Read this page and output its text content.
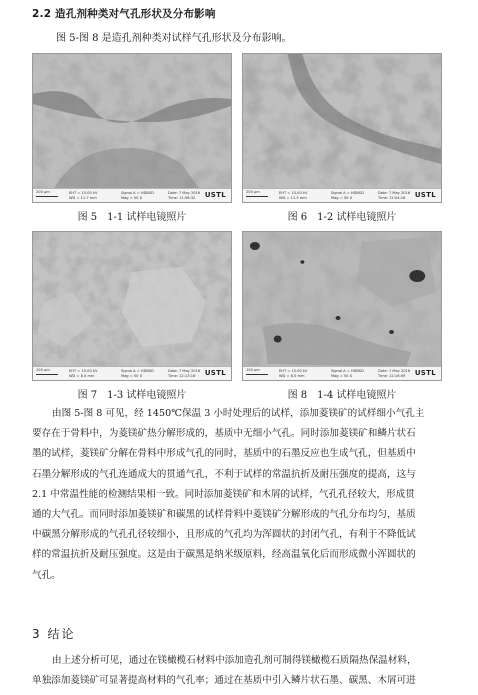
2.2 造孔剂种类对气孔形状及分布影响
图 5-图 8 是造孔剂种类对试样气孔形状及分布影响。
200 μm	EHT = 15.00 kV
WD = 11.7 mm
Signal A = HDBSD
Mag = 50 X
Date: 7 May 2016
Time: 11:58:32	USTL
图 5　1-1 试样电镜照片
200 μm	EHT = 15.00 kV
WD = 11.5 mm
Signal A = HDBSD
Mag = 50 X
Date: 7 May 2016
Time: 12:04:16	USTL
图 6　1-2 试样电镜照片
100 μm	EHT = 15.00 kV
WD = 8.5 mm
Signal A = HDBSD
Mag = 50 X
Date: 7 May 2016
Time: 12:13:16	USTL
图 7　1-3 试样电镜照片
100 μm	EHT = 15.00 kV
WD = 8.5 mm
Signal A = HDBSD
Mag = 50 X
Date: 7 May 2016
Time: 12:16:09	USTL
图 8　1-4 试样电镜照片
由图 5-图 8 可见，经 1450℃保温 3 小时处理后的试样，添加菱镁矿的试样细小气孔主
要存在于骨料中，为菱镁矿热分解形成的，基质中无细小气孔。同时添加菱镁矿和鳞片状石
墨的试样，菱镁矿分解在骨料中形成气孔的同时，基质中的石墨反应也生成气孔，但基质中
石墨分解形成的气孔连通成大的贯通气孔，不利于试样的常温抗折及耐压强度的提高，这与
2.1 中常温性能的检测结果相一致。同时添加菱镁矿和木屑的试样，气孔孔径较大，形成贯
通的大气孔。而同时添加菱镁矿和碳黑的试样骨料中菱镁矿分解形成的气孔分布均匀，基质
中碳黑分解形成的气孔孔径较细小，且形成的气孔均为浑圆状的封闭气孔，有利于不降低试
样的常温抗折及耐压强度。这是由于碳黑是纳米级原料，经高温氧化后而形成微小浑圆状的
气孔。
3 结论
由上述分析可见，通过在镁橄榄石材料中添加造孔剂可制得镁橄榄石质隔热保温材料，
单独添加菱镁矿可显著提高材料的气孔率；通过在基质中引入鳞片状石墨、碳黑、木屑可进
